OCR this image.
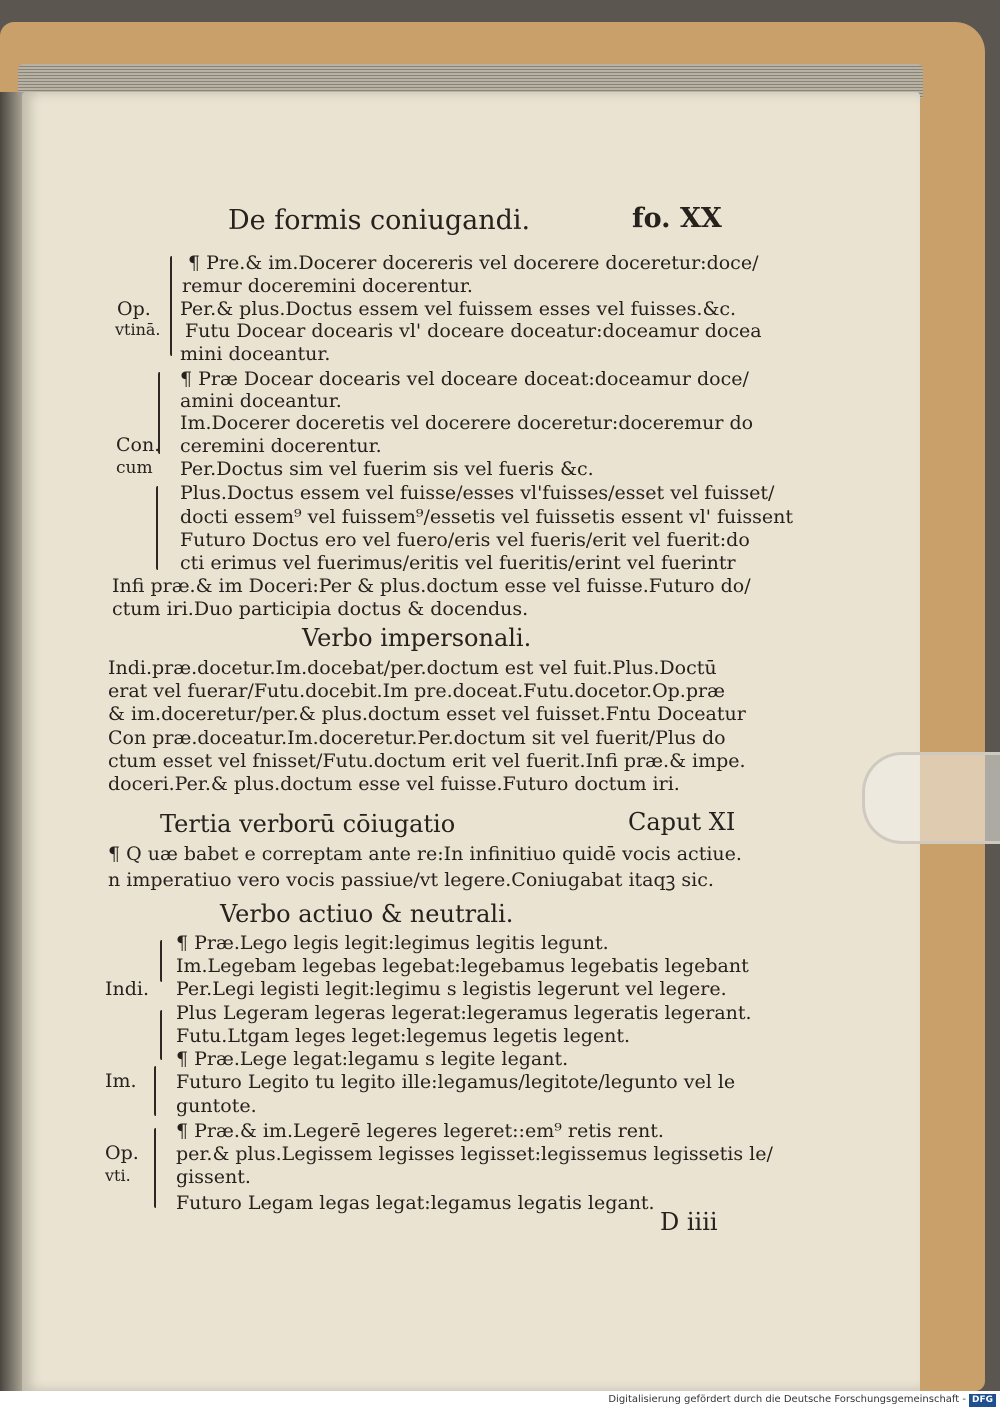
De formis coniugandi.	fo. XX
Op.
vtinā.
Con.
cum
Indi.
Im.
Op.
vti.
¶ Pre.& im.Docerer docereris vel docerere doceretur:doce/
remur doceremini docerentur.
Per.& plus.Doctus essem vel fuissem esses vel fuisses.&c.
Futu Docear docearis vl' doceare doceatur:doceamur docea
mini doceantur.
¶ Præ Docear docearis vel doceare doceat:doceamur doce/
amini doceantur.
Im.Docerer doceretis vel docerere doceretur:doceremur do
ceremini docerentur.
Per.Doctus sim vel fuerim sis vel fueris &c.
Plus.Doctus essem vel fuisse/esses vl'fuisses/esset vel fuisset/
docti essem⁹ vel fuissem⁹/essetis vel fuissetis essent vl' fuissent
Futuro Doctus ero vel fuero/eris vel fueris/erit vel fuerit:do
cti erimus vel fuerimus/eritis vel fueritis/erint vel fuerintr
Infi præ.& im Doceri:Per & plus.doctum esse vel fuisse.Futuro do/
ctum iri.Duo participia doctus & docendus.
Verbo impersonali.
Indi.præ.docetur.Im.docebat/per.doctum est vel fuit.Plus.Doctū
erat vel fuerar/Futu.docebit.Im pre.doceat.Futu.docetor.Op.præ
& im.doceretur/per.& plus.doctum esset vel fuisset.Fntu Doceatur
Con præ.doceatur.Im.doceretur.Per.doctum sit vel fuerit/Plus do
ctum esset vel fnisset/Futu.doctum erit vel fuerit.Infi præ.& impe.
doceri.Per.& plus.doctum esse vel fuisse.Futuro doctum iri.
Tertia verborū cōiugatio	Caput XI
¶ Q uæ babet e correptam ante re:In infinitiuo quidē vocis actiue.
n imperatiuo vero vocis passiue/vt legere.Coniugabat itaqꝫ sic.
Verbo actiuo & neutrali.
¶ Præ.Lego legis legit:legimus legitis legunt.
Im.Legebam legebas legebat:legebamus legebatis legebant
Per.Legi legisti legit:legimu s legistis legerunt vel legere.
Plus Legeram legeras legerat:legeramus legeratis legerant.
Futu.Ltgam leges leget:legemus legetis legent.
¶ Præ.Lege legat:legamu s legite legant.
Futuro Legito tu legito ille:legamus/legitote/legunto vel le
guntote.
¶ Præ.& im.Legerē legeres legeret::em⁹ retis rent.
per.& plus.Legissem legisses legisset:legissemus legissetis le/
gissent.
Futuro Legam legas legat:legamus legatis legant.
D iiii
Digitalisierung gefördert durch die Deutsche Forschungsgemeinschaft - DFG
